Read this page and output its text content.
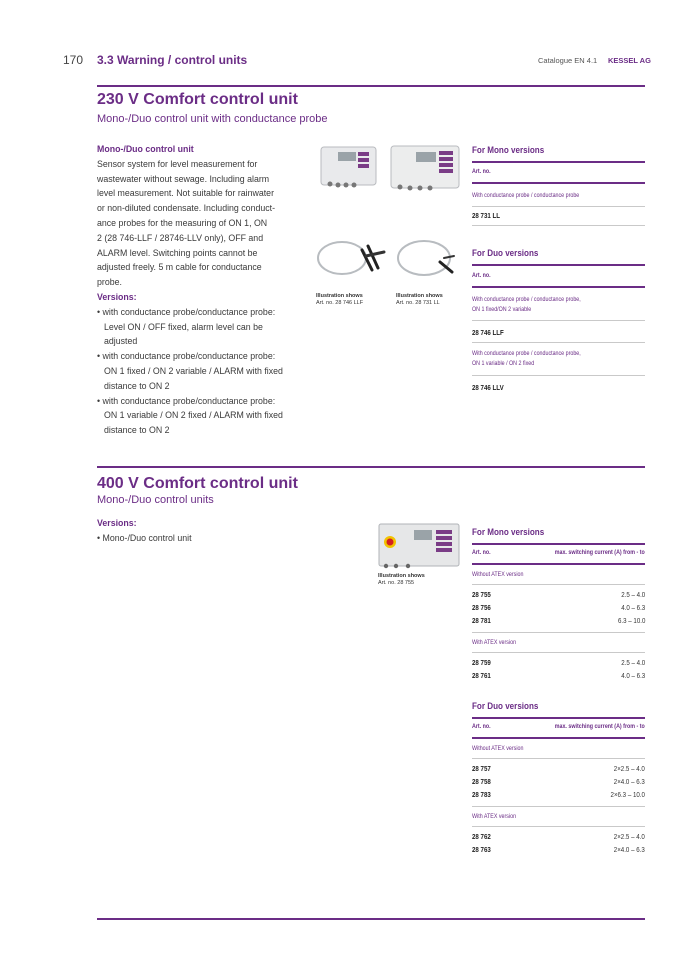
170 3.3 Warning / control units	Catalogue EN 4.1 KESSEL AG
230 V Comfort control unit
Mono-/Duo control unit with conductance probe
Mono-/Duo control unit
Sensor system for level measurement for
wastewater without sewage. Including alarm
level measurement. Not suitable for rainwater
or non-diluted condensate. Including conduct-
ance probes for the measuring of ON 1, ON
2 (28 746-LLF / 28746-LLV only), OFF and
ALARM level. Switching points cannot be
adjusted freely. 5 m cable for conductance
probe.
Versions:
• with conductance probe/conductance probe:
Level ON / OFF fixed, alarm level can be
adjusted
• with conductance probe/conductance probe:
ON 1 fixed / ON 2 variable / ALARM with fixed
distance to ON 2
• with conductance probe/conductance probe:
ON 1 variable / ON 2 fixed / ALARM with fixed
distance to ON 2
Illustration shows
Art. no. 28 746 LLF
Illustration shows
Art. no. 28 731 LL
For Mono versions
Art. no.
With conductance probe / conductance probe
28 731 LL
For Duo versions
Art. no.
With conductance probe / conductance probe,
ON 1 fixed/ON 2 variable
28 746 LLF
With conductance probe / conductance probe,
ON 1 variable / ON 2 fixed
28 746 LLV
400 V Comfort control unit
Mono-/Duo control units
Versions:
• Mono-/Duo control unit
Illustration shows
Art. no. 28 755
For Mono versions
Art. no.	max. switching current (A) from - to
Without ATEX version
28 755	2.5 – 4.0
28 756	4.0 – 6.3
28 781	6.3 – 10.0
With ATEX version
28 759	2.5 – 4.0
28 761	4.0 – 6.3
For Duo versions
Art. no.	max. switching current (A) from - to
Without ATEX version
28 757	2×2.5 – 4.0
28 758	2×4.0 – 6.3
28 783	2×6.3 – 10.0
With ATEX version
28 762	2×2.5 – 4.0
28 763	2×4.0 – 6.3
